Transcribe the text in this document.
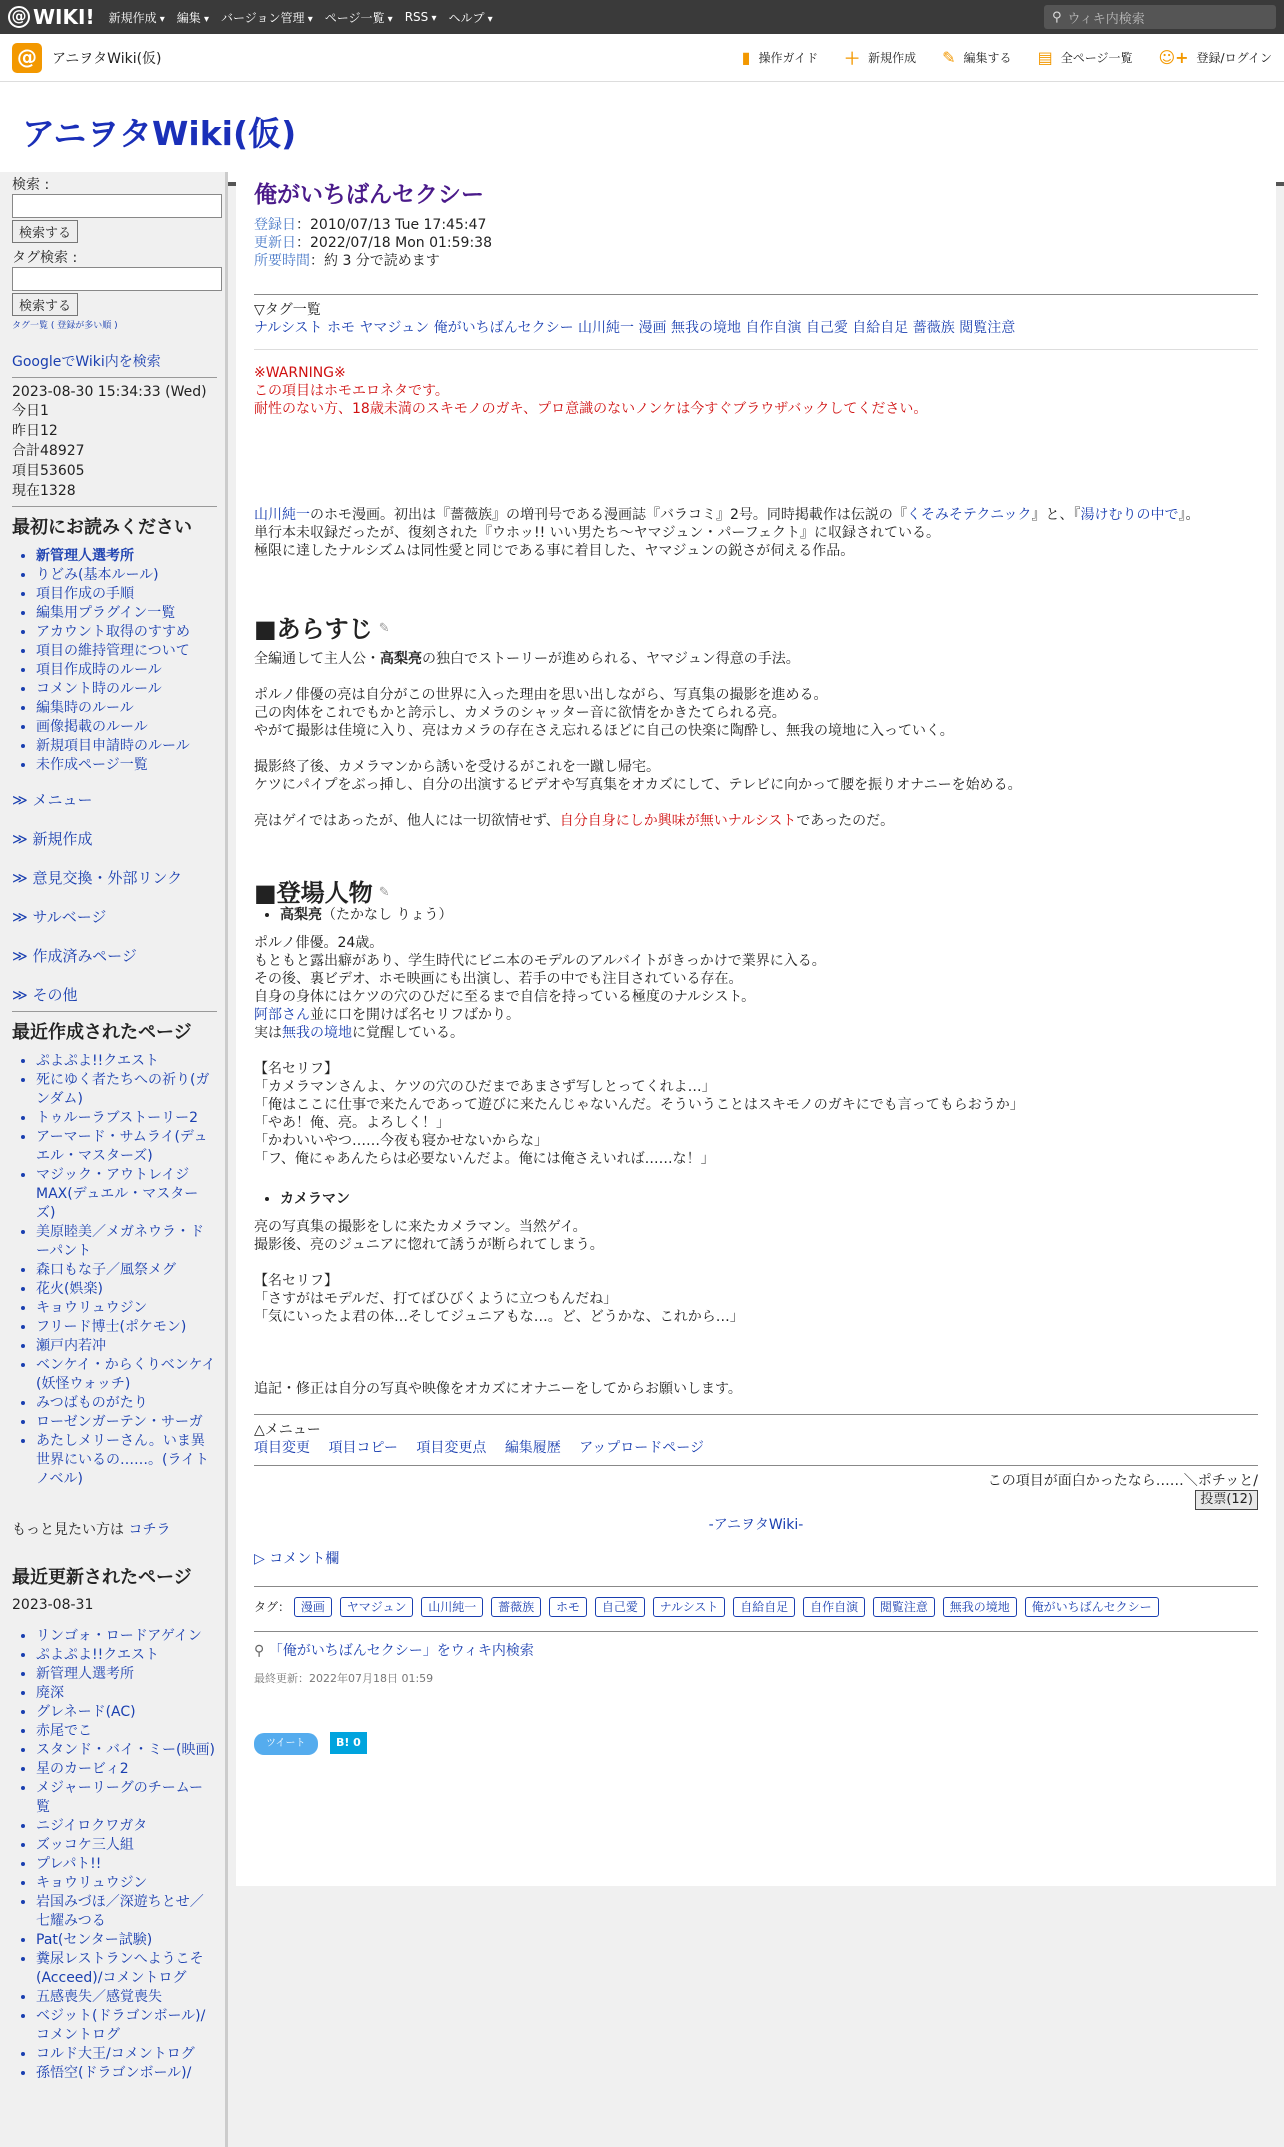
@ WIKI! 新規作成 ▾	編集 ▾	バージョン管理 ▾	ページ一覧 ▾	RSS ▾	ヘルプ ▾	⚲ ウィキ内検索
@	アニヲタWiki(仮)	▮ 操作ガイド ＋ 新規作成 ✎ 編集する ▤ 全ページ一覧 ☺+ 登録/ログイン
アニヲタWiki(仮)
検索 :
検索する
タグ検索 :
検索する
タグ一覧 ( 登録が多い順 )
GoogleでWiki内を検索
2023-08-30 15:34:33 (Wed)
今日1
昨日12
合計48927
項目53605
現在1328
最初にお読みください
• 新管理人選考所
• りどみ(基本ルール)
• 項目作成の手順
• 編集用プラグイン一覧
• アカウント取得のすすめ
• 項目の維持管理について
• 項目作成時のルール
• コメント時のルール
• 編集時のルール
• 画像掲載のルール
• 新規項目申請時のルール
• 未作成ページ一覧
≫ メニュー
≫ 新規作成
≫ 意見交換・外部リンク
≫ サルベージ
≫ 作成済みページ
≫ その他
最近作成されたページ
• ぷよぷよ!!クエスト
• 死にゆく者たちへの祈り(ガンダム)
• トゥルーラブストーリー2
• アーマード・サムライ(デュエル・マスターズ)
• マジック・アウトレイジMAX(デュエル・マスターズ)
• 美原睦美／メガネウラ・ドーパント
• 森口もな子／風祭メグ
• 花火(娯楽)
• キョウリュウジン
• フリード博士(ポケモン)
• 瀬戸内若冲
• ベンケイ・からくりベンケイ(妖怪ウォッチ)
• みつばものがたり
• ローゼンガーテン・サーガ
• あたしメリーさん。いま異世界にいるの……。(ライトノベル)
もっと見たい方は コチラ
最近更新されたページ
2023-08-31
• リンゴォ・ロードアゲイン
• ぷよぷよ!!クエスト
• 新管理人選考所
• 廃深
• グレネード(AC)
• 赤尾でこ
• スタンド・バイ・ミー(映画)
• 星のカービィ2
• メジャーリーグのチームー覧
• ニジイロクワガタ
• ズッコケ三人組
• プレパト!!
• キョウリュウジン
• 岩国みづほ／深遊ちとせ／七耀みつる
• Pat(センター試験)
• 糞尿レストランへようこそ(Acceed)/コメントログ
• 五感喪失／感覚喪失
• ベジット(ドラゴンボール)/コメントログ
• コルド大王/コメントログ
• 孫悟空(ドラゴンボール)/
俺がいちばんセクシー
登録日：2010/07/13 Tue 17:45:47
更新日：2022/07/18 Mon 01:59:38
所要時間：約 3 分で読めます
▽タグ一覧
ナルシスト ホモ ヤマジュン 俺がいちばんセクシー 山川純一 漫画 無我の境地 自作自演 自己愛 自給自足 薔薇族 閲覧注意
※WARNING※
この項目はホモエロネタです。
耐性のない方、18歳未満のスキモノのガキ、プロ意識のないノンケは今すぐブラウザバックしてください。
山川純一のホモ漫画。初出は『薔薇族』の増刊号である漫画誌『バラコミ』2号。同時掲載作は伝説の『くそみそテクニック』と、『湯けむりの中で』。
単行本未収録だったが、復刻された『ウホッ!! いい男たち〜ヤマジュン・パーフェクト』に収録されている。
極限に達したナルシズムは同性愛と同じである事に着目した、ヤマジュンの鋭さが伺える作品。
■あらすじ ✎
全編通して主人公・高梨亮の独白でストーリーが進められる、ヤマジュン得意の手法。
ポルノ俳優の亮は自分がこの世界に入った理由を思い出しながら、写真集の撮影を進める。
己の肉体をこれでもかと誇示し、カメラのシャッター音に欲情をかきたてられる亮。
やがて撮影は佳境に入り、亮はカメラの存在さえ忘れるほどに自己の快楽に陶酔し、無我の境地に入っていく。
撮影終了後、カメラマンから誘いを受けるがこれを一蹴し帰宅。
ケツにパイプをぶっ挿し、自分の出演するビデオや写真集をオカズにして、テレビに向かって腰を振りオナニーを始める。
亮はゲイではあったが、他人には一切欲情せず、自分自身にしか興味が無いナルシストであったのだ。
■登場人物 ✎
• 高梨亮（たかなし りょう）
ポルノ俳優。24歳。
もともと露出癖があり、学生時代にビニ本のモデルのアルバイトがきっかけで業界に入る。
その後、裏ビデオ、ホモ映画にも出演し、若手の中でも注目されている存在。
自身の身体にはケツの穴のひだに至るまで自信を持っている極度のナルシスト。
阿部さん並に口を開けば名セリフばかり。
実は無我の境地に覚醒している。
【名セリフ】
「カメラマンさんよ、ケツの穴のひだまであまさず写しとってくれよ…」
「俺はここに仕事で来たんであって遊びに来たんじゃないんだ。そういうことはスキモノのガキにでも言ってもらおうか」
「やあ！俺、亮。よろしく！」
「かわいいやつ……今夜も寝かせないからな」
「フ、俺にゃあんたらは必要ないんだよ。俺には俺さえいれば……な！」
• カメラマン
亮の写真集の撮影をしに来たカメラマン。当然ゲイ。
撮影後、亮のジュニアに惚れて誘うが断られてしまう。
【名セリフ】
「さすがはモデルだ、打てばひびくように立つもんだね」
「気にいったよ君の体…そしてジュニアもな…。ど、どうかな、これから…」
追記・修正は自分の写真や映像をオカズにオナニーをしてからお願いします。
△メニュー
項目変更 項目コピー 項目変更点 編集履歴 アップロードページ
この項目が面白かったなら……＼ポチッと/
投票(12)
-アニヲタWiki-
▷ コメント欄
タグ： 漫画 ヤマジュン 山川純一 薔薇族 ホモ 自己愛 ナルシスト 自給自足 自作自演 閲覧注意 無我の境地 俺がいちばんセクシー
⚲ 「俺がいちばんセクシー」をウィキ内検索
最終更新：2022年07月18日 01:59
ツイート	B! 0
